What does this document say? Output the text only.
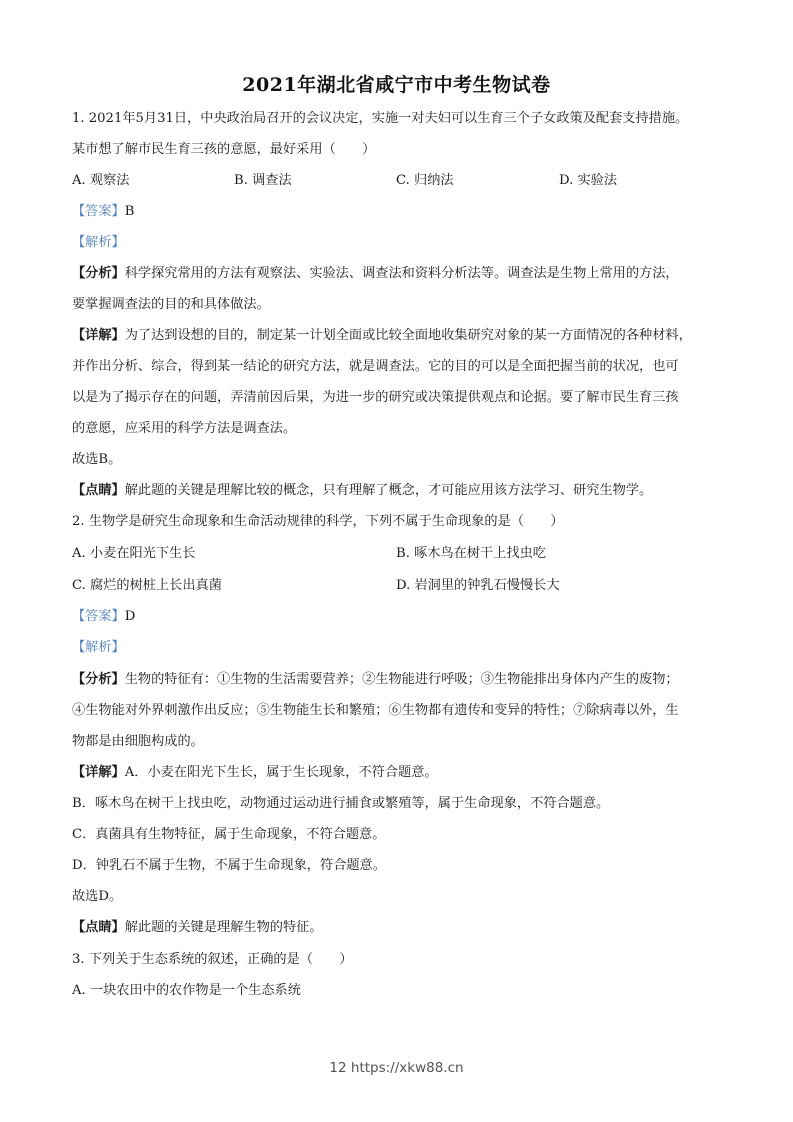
2021年湖北省咸宁市中考生物试卷
1. 2021年5月31日，中央政治局召开的会议决定，实施一对夫妇可以生育三个子女政策及配套支持措施。
某市想了解市民生育三孩的意愿，最好采用（　　）
A. 观察法	B. 调查法	C. 归纳法	D. 实验法
【答案】B
【解析】
【分析】科学探究常用的方法有观察法、实验法、调查法和资料分析法等。调查法是生物上常用的方法，
要掌握调查法的目的和具体做法。
【详解】为了达到设想的目的，制定某一计划全面或比较全面地收集研究对象的某一方面情况的各种材料，
并作出分析、综合，得到某一结论的研究方法，就是调查法。它的目的可以是全面把握当前的状况，也可
以是为了揭示存在的问题，弄清前因后果，为进一步的研究或决策提供观点和论据。要了解市民生育三孩
的意愿，应采用的科学方法是调查法。
故选B。
【点睛】解此题的关键是理解比较的概念，只有理解了概念，才可能应用该方法学习、研究生物学。
2. 生物学是研究生命现象和生命活动规律的科学，下列不属于生命现象的是（　　）
A. 小麦在阳光下生长	B. 啄木鸟在树干上找虫吃
C. 腐烂的树桩上长出真菌	D. 岩洞里的钟乳石慢慢长大
【答案】D
【解析】
【分析】生物的特征有：①生物的生活需要营养；②生物能进行呼吸；③生物能排出身体内产生的废物；
④生物能对外界刺激作出反应；⑤生物能生长和繁殖；⑥生物都有遗传和变异的特性；⑦除病毒以外，生
物都是由细胞构成的。
【详解】A．小麦在阳光下生长，属于生长现象，不符合题意。
B．啄木鸟在树干上找虫吃，动物通过运动进行捕食或繁殖等，属于生命现象，不符合题意。
C．真菌具有生物特征，属于生命现象，不符合题意。
D．钟乳石不属于生物，不属于生命现象，符合题意。
故选D。
【点睛】解此题的关键是理解生物的特征。
3. 下列关于生态系统的叙述，正确的是（　　）
A. 一块农田中的农作物是一个生态系统
12 https://xkw88.cn
